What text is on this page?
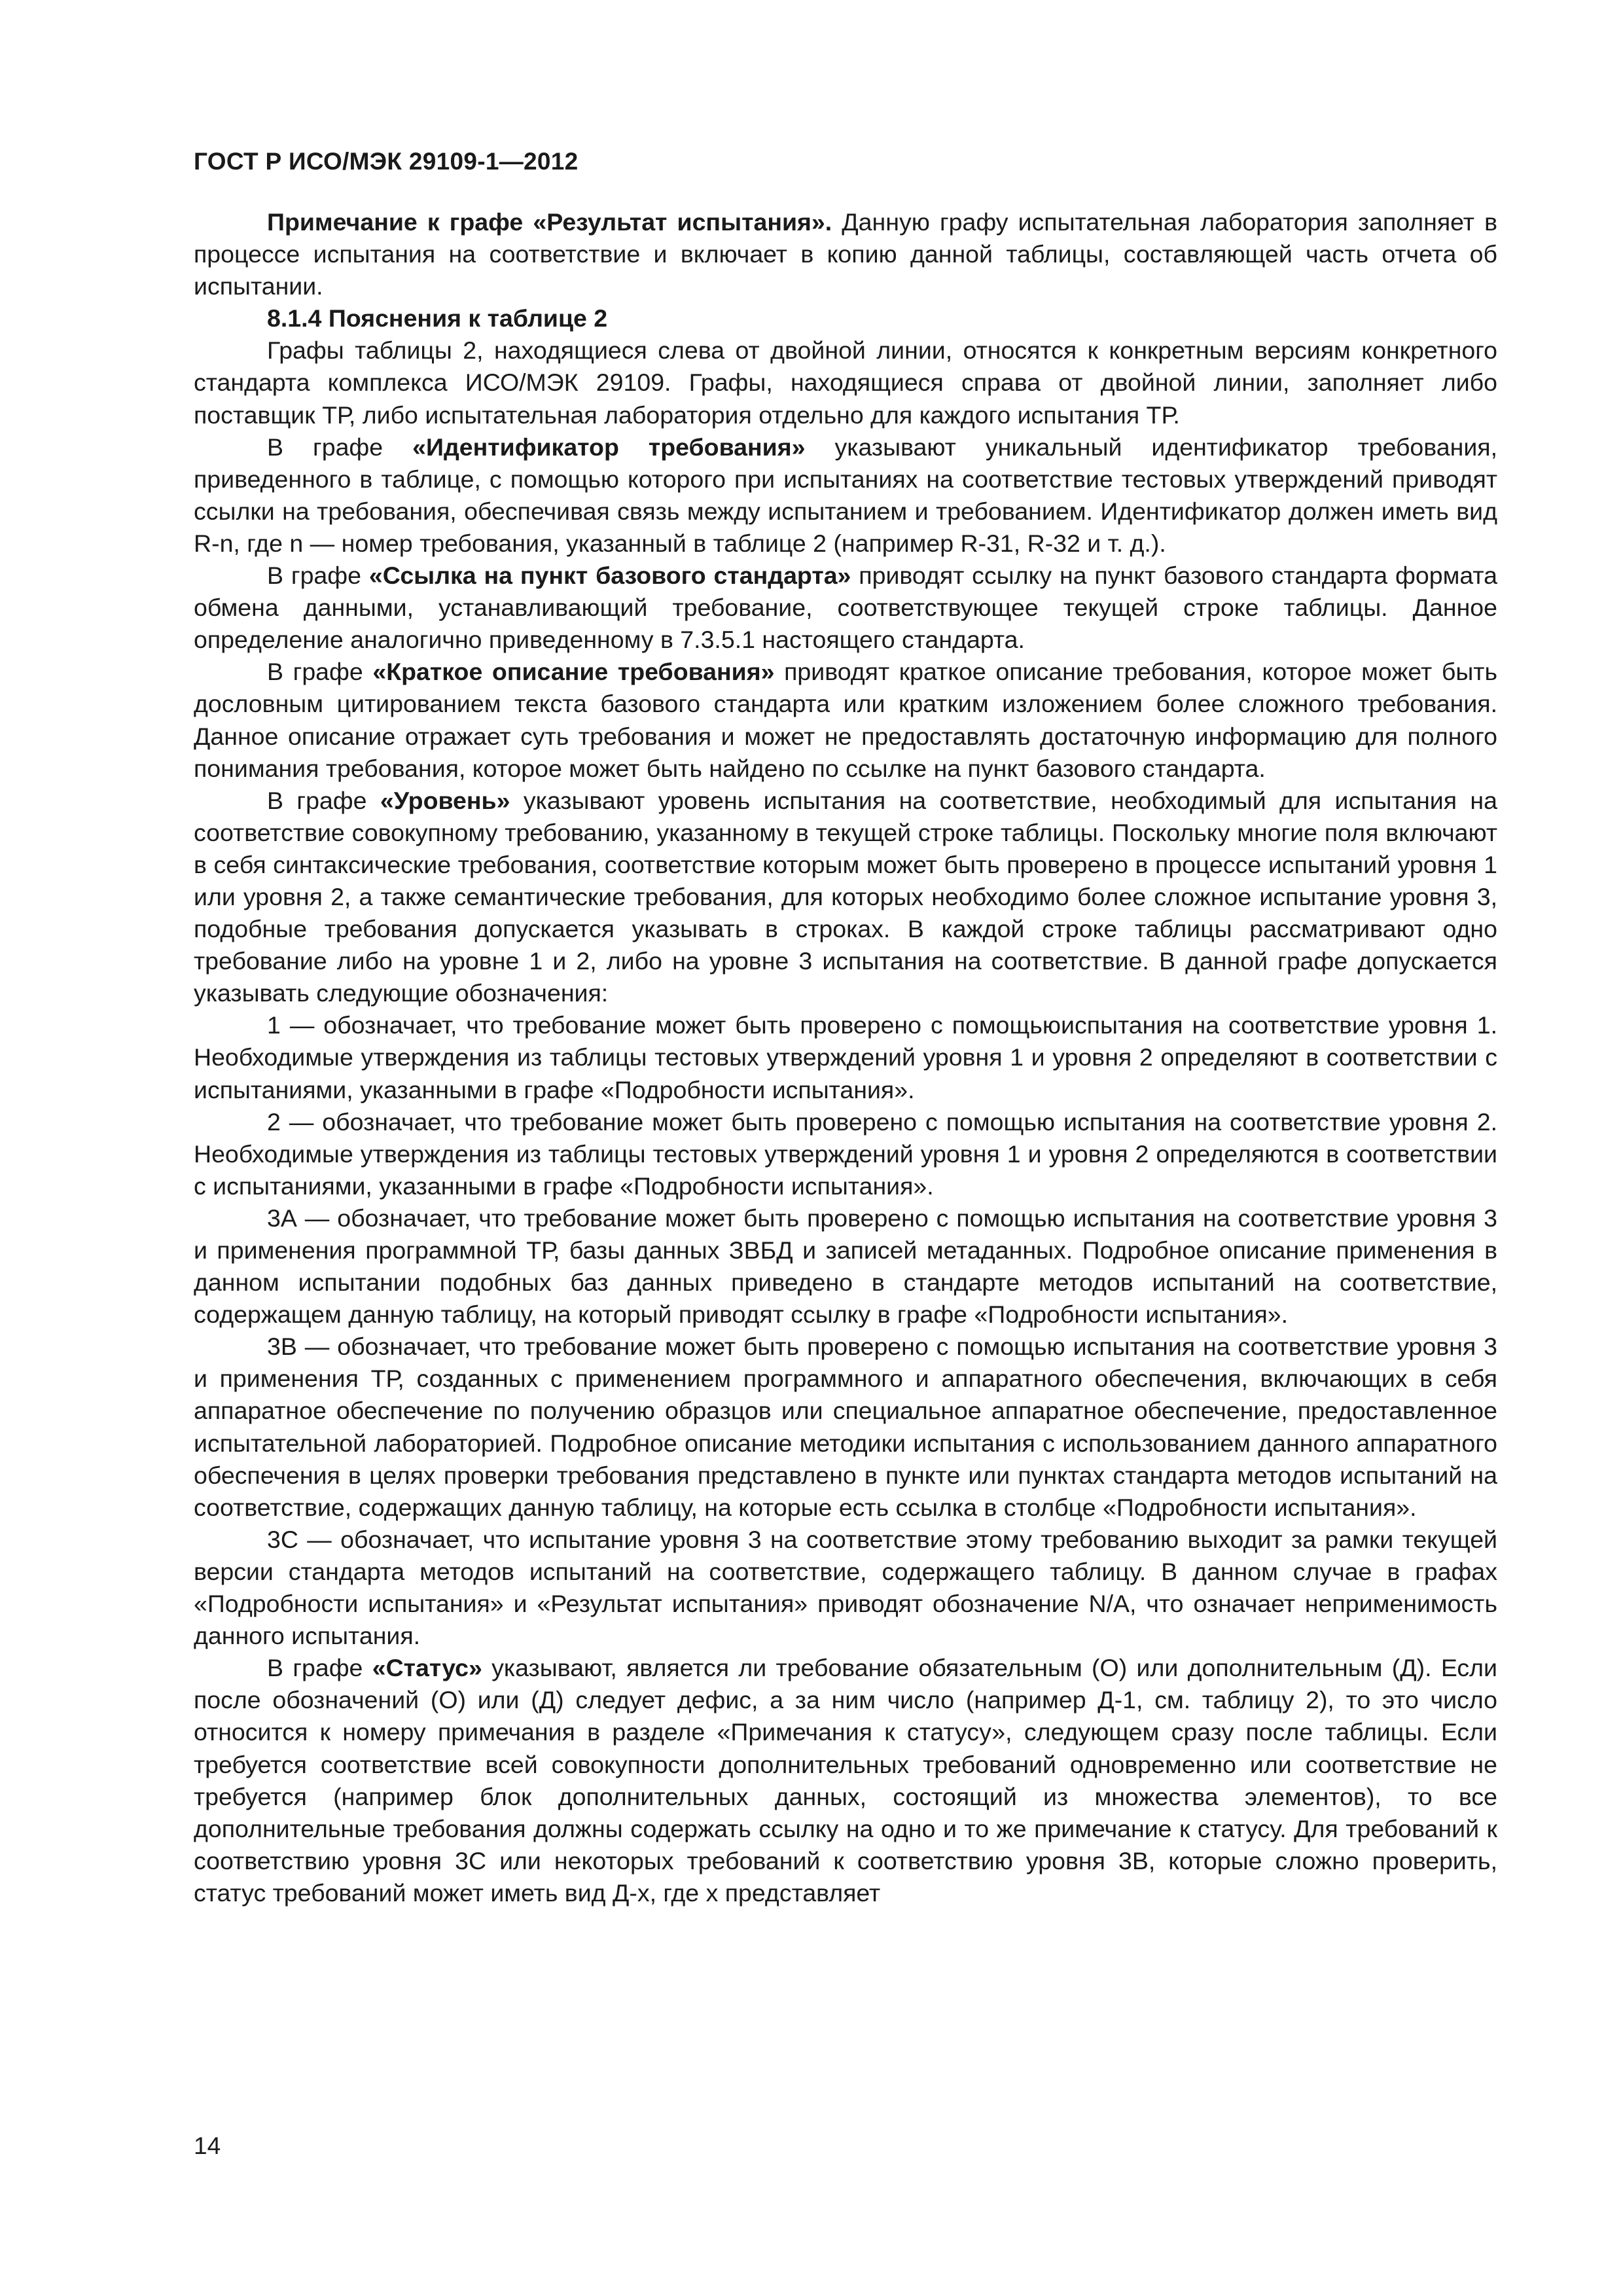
ГОСТ Р ИСО/МЭК 29109-1—2012

Примечание к графе «Результат испытания». Данную графу испытательная лаборатория заполняет в процессе испытания на соответствие и включает в копию данной таблицы, составляющей часть отчета об испытании.

8.1.4 Пояснения к таблице 2

Графы таблицы 2, находящиеся слева от двойной линии, относятся к конкретным версиям конкретного стандарта комплекса ИСО/МЭК 29109. Графы, находящиеся справа от двойной линии, заполняет либо поставщик ТР, либо испытательная лаборатория отдельно для каждого испытания ТР.

В графе «Идентификатор требования» указывают уникальный идентификатор требования, приведенного в таблице, с помощью которого при испытаниях на соответствие тестовых утверждений приводят ссылки на требования, обеспечивая связь между испытанием и требованием. Идентификатор должен иметь вид R-n, где n — номер требования, указанный в таблице 2 (например R-31, R-32 и т. д.).

В графе «Ссылка на пункт базового стандарта» приводят ссылку на пункт базового стандарта формата обмена данными, устанавливающий требование, соответствующее текущей строке таблицы. Данное определение аналогично приведенному в 7.3.5.1 настоящего стандарта.

В графе «Краткое описание требования» приводят краткое описание требования, которое может быть дословным цитированием текста базового стандарта или кратким изложением более сложного требования. Данное описание отражает суть требования и может не предоставлять достаточную информацию для полного понимания требования, которое может быть найдено по ссылке на пункт базового стандарта.

В графе «Уровень» указывают уровень испытания на соответствие, необходимый для испытания на соответствие совокупному требованию, указанному в текущей строке таблицы. Поскольку многие поля включают в себя синтаксические требования, соответствие которым может быть проверено в процессе испытаний уровня 1 или уровня 2, а также семантические требования, для которых необходимо более сложное испытание уровня 3, подобные требования допускается указывать в строках. В каждой строке таблицы рассматривают одно требование либо на уровне 1 и 2, либо на уровне 3 испытания на соответствие. В данной графе допускается указывать следующие обозначения:

1 — обозначает, что требование может быть проверено с помощьюиспытания на соответствие уровня 1. Необходимые утверждения из таблицы тестовых утверждений уровня 1 и уровня 2 определяют в соответствии с испытаниями, указанными в графе «Подробности испытания».

2 — обозначает, что требование может быть проверено с помощью испытания на соответствие уровня 2. Необходимые утверждения из таблицы тестовых утверждений уровня 1 и уровня 2 определяются в соответствии с испытаниями, указанными в графе «Подробности испытания».

3А — обозначает, что требование может быть проверено с помощью испытания на соответствие уровня 3 и применения программной ТР, базы данных ЗВБД и записей метаданных. Подробное описание применения в данном испытании подобных баз данных приведено в стандарте методов испытаний на соответствие, содержащем данную таблицу, на который приводят ссылку в графе «Подробности испытания».

3В — обозначает, что требование может быть проверено с помощью испытания на соответствие уровня 3 и применения ТР, созданных с применением программного и аппаратного обеспечения, включающих в себя аппаратное обеспечение по получению образцов или специальное аппаратное обеспечение, предоставленное испытательной лабораторией. Подробное описание методики испытания с использованием данного аппаратного обеспечения в целях проверки требования представлено в пункте или пунктах стандарта методов испытаний на соответствие, содержащих данную таблицу, на которые есть ссылка в столбце «Подробности испытания».

3С — обозначает, что испытание уровня 3 на соответствие этому требованию выходит за рамки текущей версии стандарта методов испытаний на соответствие, содержащего таблицу. В данном случае в графах «Подробности испытания» и «Результат испытания» приводят обозначение N/A, что означает неприменимость данного испытания.

В графе «Статус» указывают, является ли требование обязательным (О) или дополнительным (Д). Если после обозначений (О) или (Д) следует дефис, а за ним число (например Д-1, см. таблицу 2), то это число относится к номеру примечания в разделе «Примечания к статусу», следующем сразу после таблицы. Если требуется соответствие всей совокупности дополнительных требований одновременно или соответствие не требуется (например блок дополнительных данных, состоящий из множества элементов), то все дополнительные требования должны содержать ссылку на одно и то же примечание к статусу. Для требований к соответствию уровня 3С или некоторых требований к соответствию уровня 3В, которые сложно проверить, статус требований может иметь вид Д-х, где х представляет

14
